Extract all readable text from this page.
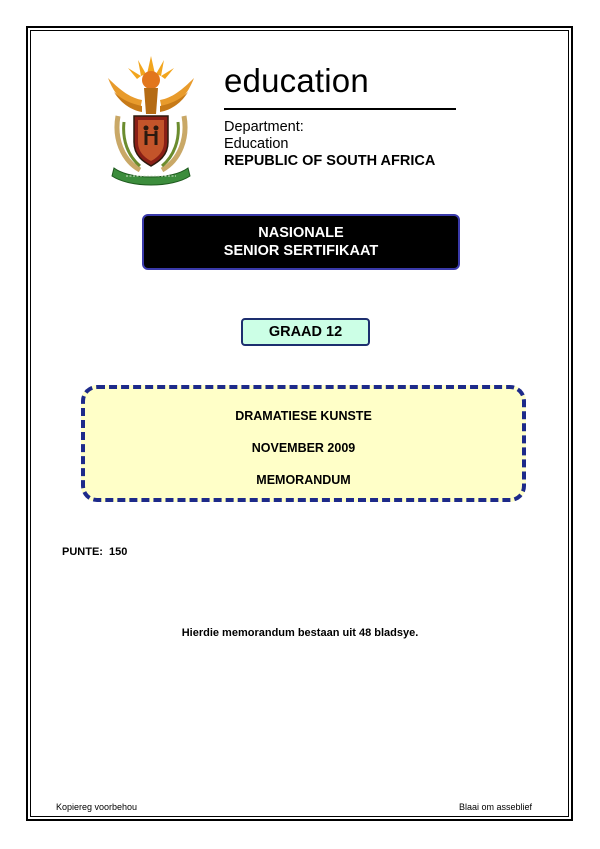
education
Department:
Education
REPUBLIC OF SOUTH AFRICA
NASIONALE
SENIOR SERTIFIKAAT
GRAAD 12
DRAMATIESE KUNSTE
NOVEMBER 2009
MEMORANDUM
PUNTE:  150
Hierdie memorandum bestaan uit 48 bladsye.
Kopiereg voorbehou	Blaai om asseblief
